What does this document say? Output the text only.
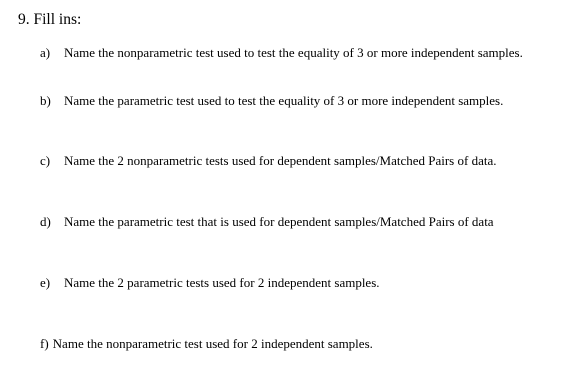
9. Fill ins:
a) Name the nonparametric test used to test the equality of 3 or more independent samples.
b) Name the parametric test used to test the equality of 3 or more independent samples.
c) Name the 2 nonparametric tests used for dependent samples/Matched Pairs of data.
d) Name the parametric test that is used for dependent samples/Matched Pairs of data
e) Name the 2 parametric tests used for 2 independent samples.
f) Name the nonparametric test used for 2 independent samples.
